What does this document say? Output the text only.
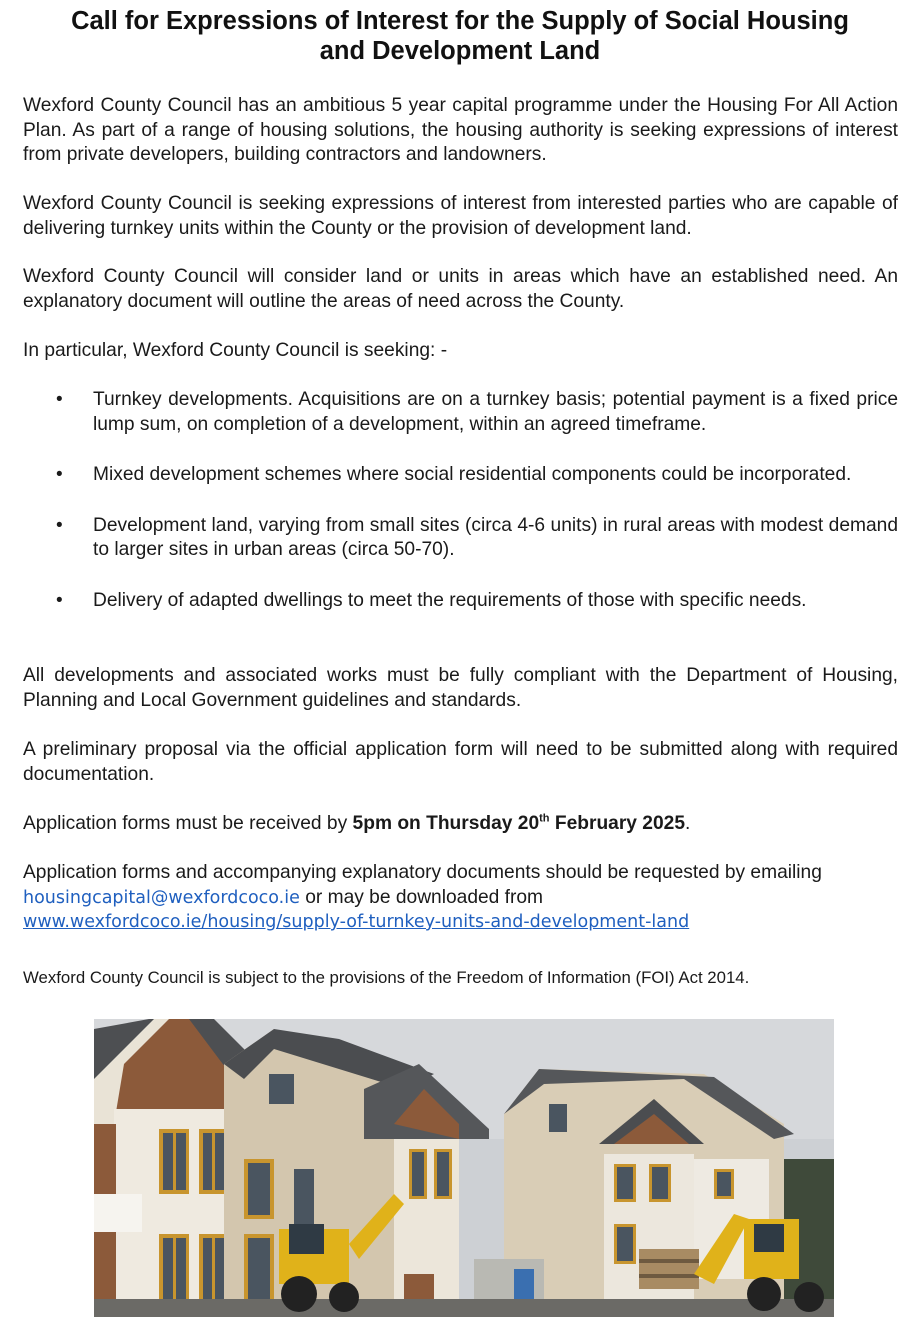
Call for Expressions of Interest for the Supply of Social Housing
and Development Land

Wexford County Council has an ambitious 5 year capital programme under the Housing For All Action Plan. As part of a range of housing solutions, the housing authority is seeking expressions of interest from private developers, building contractors and landowners.

Wexford County Council is seeking expressions of interest from interested parties who are capable of delivering turnkey units within the County or the provision of development land.

Wexford County Council will consider land or units in areas which have an established need. An explanatory document will outline the areas of need across the County.

In particular, Wexford County Council is seeking: -

• Turnkey developments. Acquisitions are on a turnkey basis; potential payment is a fixed price lump sum, on completion of a development, within an agreed timeframe.
• Mixed development schemes where social residential components could be incorporated.
• Development land, varying from small sites (circa 4-6 units) in rural areas with modest demand to larger sites in urban areas (circa 50-70).
• Delivery of adapted dwellings to meet the requirements of those with specific needs.

All developments and associated works must be fully compliant with the Department of Housing, Planning and Local Government guidelines and standards.

A preliminary proposal via the official application form will need to be submitted along with required documentation.

Application forms must be received by 5pm on Thursday 20th February 2025.

Application forms and accompanying explanatory documents should be requested by emailing
housingcapital@wexfordcoco.ie or may be downloaded from
www.wexfordcoco.ie/housing/supply-of-turnkey-units-and-development-land

Wexford County Council is subject to the provisions of the Freedom of Information (FOI) Act 2014.
